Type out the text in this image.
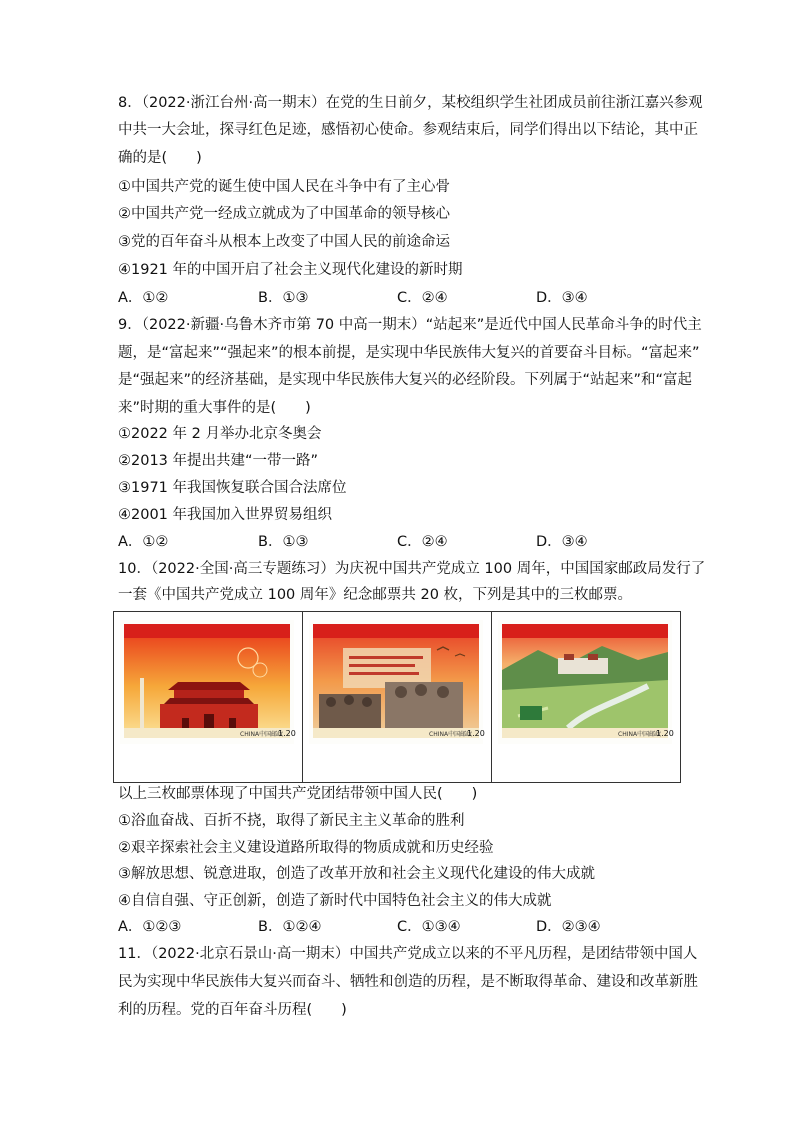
8．（2022·浙江台州·高一期末）在党的生日前夕，某校组织学生社团成员前往浙江嘉兴参观
中共一大会址，探寻红色足迹，感悟初心使命。参观结束后，同学们得出以下结论，其中正
确的是(　　)
①中国共产党的诞生使中国人民在斗争中有了主心骨
②中国共产党一经成立就成为了中国革命的领导核心
③党的百年奋斗从根本上改变了中国人民的前途命运
④1921 年的中国开启了社会主义现代化建设的新时期
A．①②	B．①③	C．②④	D．③④
9．（2022·新疆·乌鲁木齐市第 70 中高一期末）“站起来”是近代中国人民革命斗争的时代主
题，是“富起来”“强起来”的根本前提，是实现中华民族伟大复兴的首要奋斗目标。“富起来”
是“强起来”的经济基础，是实现中华民族伟大复兴的必经阶段。下列属于“站起来”和“富起
来”时期的重大事件的是(　　)
①2022 年 2 月举办北京冬奥会
②2013 年提出共建“一带一路”
③1971 年我国恢复联合国合法席位
④2001 年我国加入世界贸易组织
A．①②	B．①③	C．②④	D．③④
10．（2022·全国·高三专题练习）为庆祝中国共产党成立 100 周年，中国国家邮政局发行了
一套《中国共产党成立 100 周年》纪念邮票共 20 枚，下列是其中的三枚邮票。
CHINA中国邮政
1.20	CHINA中国邮政
1.20	CHINA中国邮政
1.20
以上三枚邮票体现了中国共产党团结带领中国人民(　　)
①浴血奋战、百折不挠，取得了新民主主义革命的胜利
②艰辛探索社会主义建设道路所取得的物质成就和历史经验
③解放思想、锐意进取，创造了改革开放和社会主义现代化建设的伟大成就
④自信自强、守正创新，创造了新时代中国特色社会主义的伟大成就
A．①②③	B．①②④	C．①③④	D．②③④
11．（2022·北京石景山·高一期末）中国共产党成立以来的不平凡历程，是团结带领中国人
民为实现中华民族伟大复兴而奋斗、牺牲和创造的历程，是不断取得革命、建设和改革新胜
利的历程。党的百年奋斗历程(　　)
